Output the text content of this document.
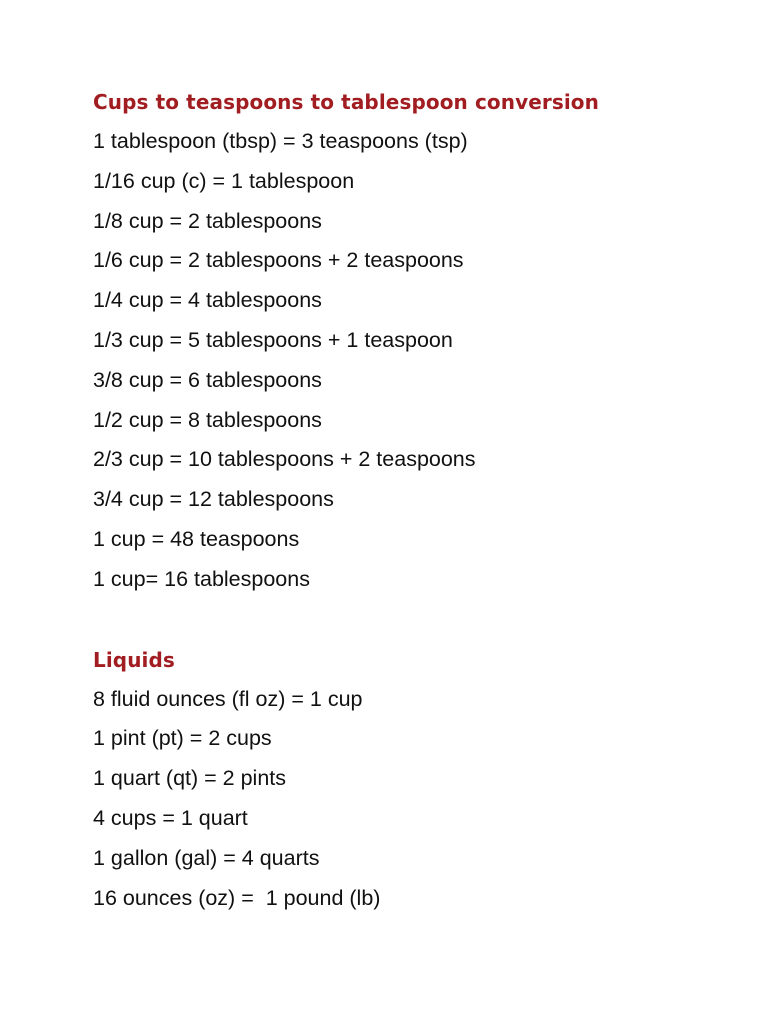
Cups to teaspoons to tablespoon conversion
1 tablespoon (tbsp) = 3 teaspoons (tsp)
1/16 cup (c) = 1 tablespoon
1/8 cup = 2 tablespoons
1/6 cup = 2 tablespoons + 2 teaspoons
1/4 cup = 4 tablespoons
1/3 cup = 5 tablespoons + 1 teaspoon
3/8 cup = 6 tablespoons
1/2 cup = 8 tablespoons
2/3 cup = 10 tablespoons + 2 teaspoons
3/4 cup = 12 tablespoons
1 cup = 48 teaspoons
1 cup= 16 tablespoons
Liquids
8 fluid ounces (fl oz) = 1 cup
1 pint (pt) = 2 cups
1 quart (qt) = 2 pints
4 cups = 1 quart
1 gallon (gal) = 4 quarts
16 ounces (oz) =  1 pound (lb)
